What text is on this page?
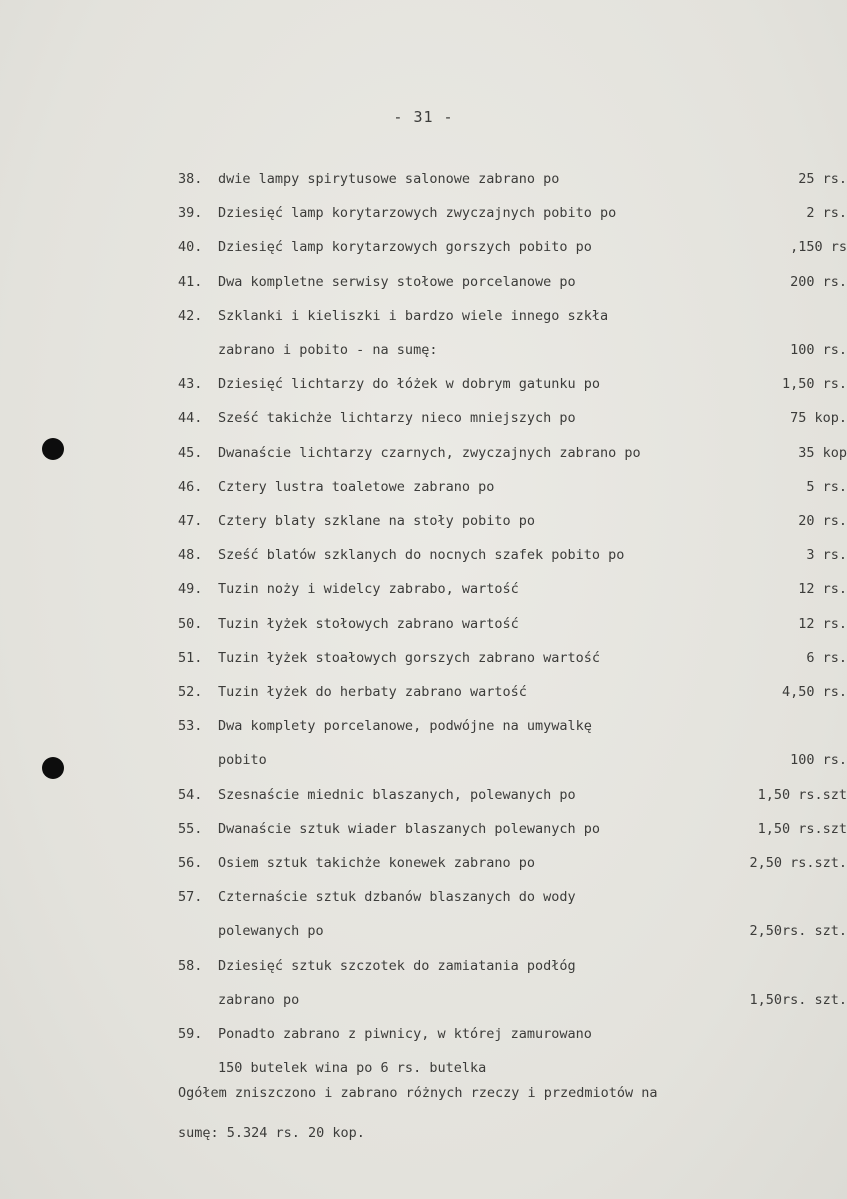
- 31 -
38.	dwie lampy spirytusowe salonowe zabrano po	25 rs.
39.	Dziesięć lamp korytarzowych zwyczajnych pobito po	2 rs.
40.	Dziesięć lamp korytarzowych gorszych pobito po	,150 rs
41.	Dwa kompletne serwisy stołowe porcelanowe po	200 rs.
42.	Szklanki i kieliszki i bardzo wiele innego szkła
zabrano i pobito - na sumę:	100 rs.
43.	Dziesięć lichtarzy do łóżek w dobrym gatunku po	1,50 rs.
44.	Sześć takichże lichtarzy nieco mniejszych po	75 kop.
45.	Dwanaście lichtarzy czarnych, zwyczajnych zabrano po	35 kop
46.	Cztery lustra toaletowe zabrano po	5 rs.
47.	Cztery blaty szklane na stoły pobito po	20 rs.
48.	Sześć blatów szklanych do nocnych szafek pobito po	3 rs.
49.	Tuzin noży i widelcy zabrabo, wartość	12 rs.
50.	Tuzin łyżek stołowych zabrano wartość	12 rs.
51.	Tuzin łyżek stoałowych gorszych zabrano wartość	6 rs.
52.	Tuzin łyżek do herbaty zabrano wartość	4,50 rs.
53.	Dwa komplety porcelanowe, podwójne na umywalkę
pobito	100 rs.
54.	Szesnaście miednic blaszanych, polewanych po	1,50 rs.szt
55.	Dwanaście sztuk wiader blaszanych polewanych po	1,50 rs.szt
56.	Osiem sztuk takichże konewek zabrano po	2,50 rs.szt.
57.	Czternaście sztuk dzbanów blaszanych do wody
polewanych po	2,50rs. szt.
58.	Dziesięć sztuk szczotek do zamiatania podłóg
zabrano po	1,50rs. szt.
59.	Ponadto zabrano z piwnicy, w której zamurowano
150 butelek wina po 6 rs. butelka
Ogółem zniszczono i zabrano różnych rzeczy i przedmiotów na
sumę: 5.324 rs. 20 kop.
